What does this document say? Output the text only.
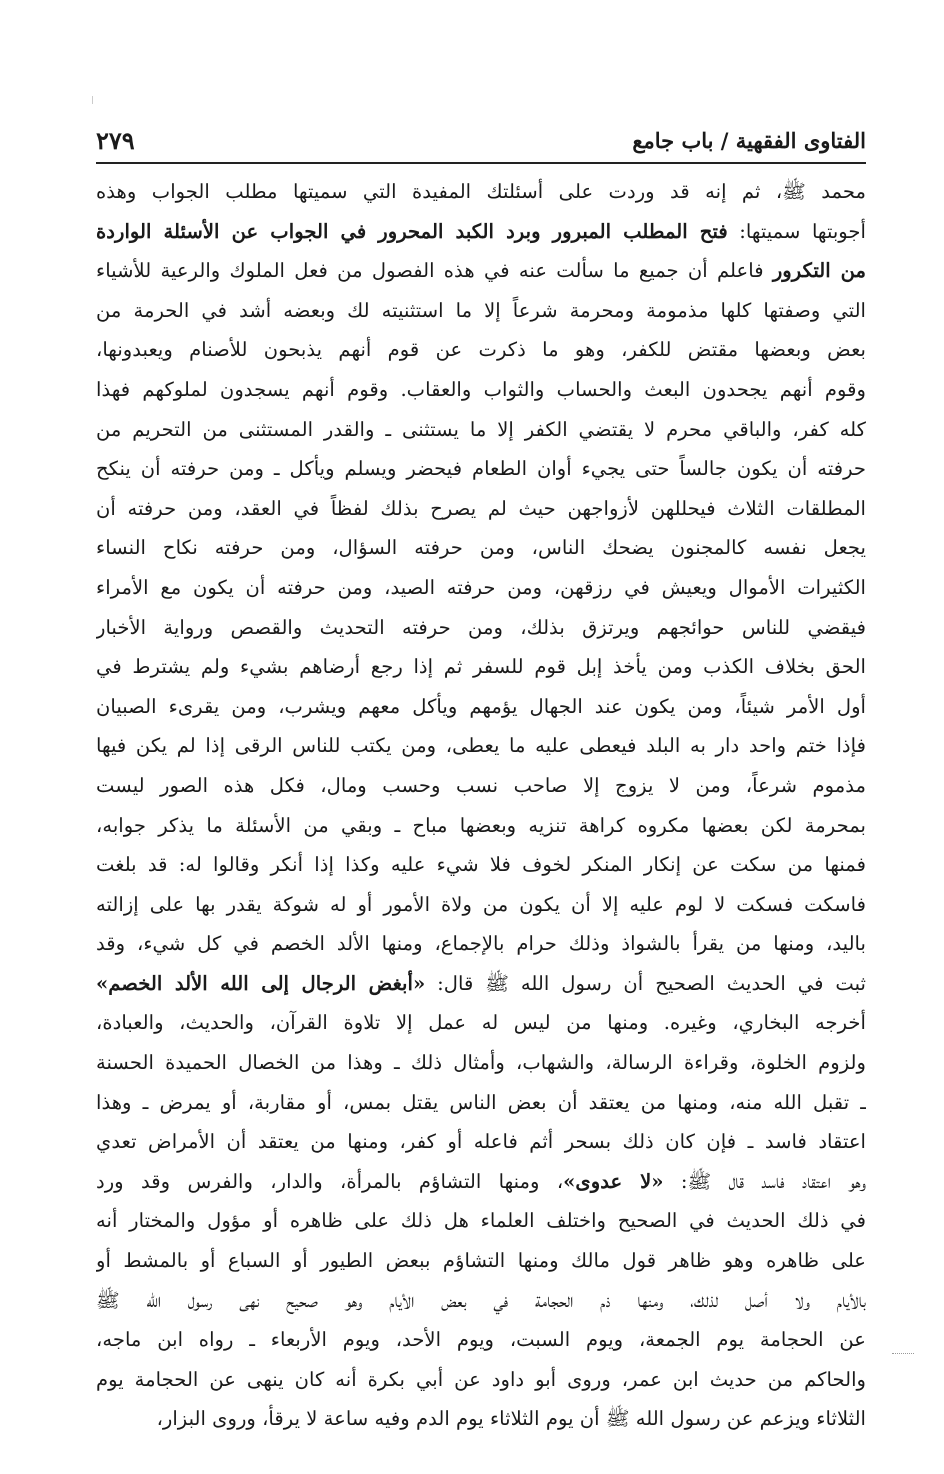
الفتاوى الفقهية / باب جامع
٢٧٩
محمد ﷺ، ثم إنه قد وردت على أسئلتك المفيدة التي سميتها مطلب الجواب وهذه
أجوبتها سميتها: فتح المطلب المبرور وبرد الكبد المحرور في الجواب عن الأسئلة الواردة
من التكرور فاعلم أن جميع ما سألت عنه في هذه الفصول من فعل الملوك والرعية للأشياء
التي وصفتها كلها مذمومة ومحرمة شرعاً إلا ما استثنيته لك وبعضه أشد في الحرمة من
بعض وبعضها مقتض للكفر، وهو ما ذكرت عن قوم أنهم يذبحون للأصنام ويعبدونها،
وقوم أنهم يجحدون البعث والحساب والثواب والعقاب. وقوم أنهم يسجدون لملوكهم فهذا
كله كفر، والباقي محرم لا يقتضي الكفر إلا ما يستثنى ـ والقدر المستثنى من التحريم من
حرفته أن يكون جالساً حتى يجيء أوان الطعام فيحضر ويسلم ويأكل ـ ومن حرفته أن ينكح
المطلقات الثلاث فيحللهن لأزواجهن حيث لم يصرح بذلك لفظاً في العقد، ومن حرفته أن
يجعل نفسه كالمجنون يضحك الناس، ومن حرفته السؤال، ومن حرفته نكاح النساء
الكثيرات الأموال ويعيش في رزقهن، ومن حرفته الصيد، ومن حرفته أن يكون مع الأمراء
فيقضي للناس حوائجهم ويرتزق بذلك، ومن حرفته التحديث والقصص ورواية الأخبار
الحق بخلاف الكذب ومن يأخذ إبل قوم للسفر ثم إذا رجع أرضاهم بشيء ولم يشترط في
أول الأمر شيئاً، ومن يكون عند الجهال يؤمهم ويأكل معهم ويشرب، ومن يقرىء الصبيان
فإذا ختم واحد دار به البلد فيعطى عليه ما يعطى، ومن يكتب للناس الرقى إذا لم يكن فيها
مذموم شرعاً، ومن لا يزوج إلا صاحب نسب وحسب ومال، فكل هذه الصور ليست
بمحرمة لكن بعضها مكروه كراهة تنزيه وبعضها مباح ـ وبقي من الأسئلة ما يذكر جوابه،
فمنها من سكت عن إنكار المنكر لخوف فلا شيء عليه وكذا إذا أنكر وقالوا له: قد بلغت
فاسكت فسكت لا لوم عليه إلا أن يكون من ولاة الأمور أو له شوكة يقدر بها على إزالته
باليد، ومنها من يقرأ بالشواذ وذلك حرام بالإجماع، ومنها الألد الخصم في كل شيء، وقد
ثبت في الحديث الصحيح أن رسول الله ﷺ قال: «أبغض الرجال إلى الله الألد الخصم»
أخرجه البخاري، وغيره. ومنها من ليس له عمل إلا تلاوة القرآن، والحديث، والعبادة،
ولزوم الخلوة، وقراءة الرسالة، والشهاب، وأمثال ذلك ـ وهذا من الخصال الحميدة الحسنة
ـ تقبل الله منه، ومنها من يعتقد أن بعض الناس يقتل بمس، أو مقاربة، أو يمرض ـ وهذا
اعتقاد فاسد ـ فإن كان ذلك بسحر أثم فاعله أو كفر، ومنها من يعتقد أن الأمراض تعدي
وهو اعتقاد فاسد قال ﷺ: «لا عدوى»، ومنها التشاؤم بالمرأة، والدار، والفرس وقد ورد
في ذلك الحديث في الصحيح واختلف العلماء هل ذلك على ظاهره أو مؤول والمختار أنه
على ظاهره وهو ظاهر قول مالك ومنها التشاؤم ببعض الطيور أو السباع أو بالمشط أو
بالأيام ولا أصل لذلك، ومنها ذم الحجامة في بعض الأيام وهو صحيح نهى رسول الله ﷺ
عن الحجامة يوم الجمعة، ويوم السبت، ويوم الأحد، ويوم الأربعاء ـ رواه ابن ماجه،
والحاكم من حديث ابن عمر، وروى أبو داود عن أبي بكرة أنه كان ينهى عن الحجامة يوم
الثلاثاء ويزعم عن رسول الله ﷺ أن يوم الثلاثاء يوم الدم وفيه ساعة لا يرقأ، وروى البزار،
